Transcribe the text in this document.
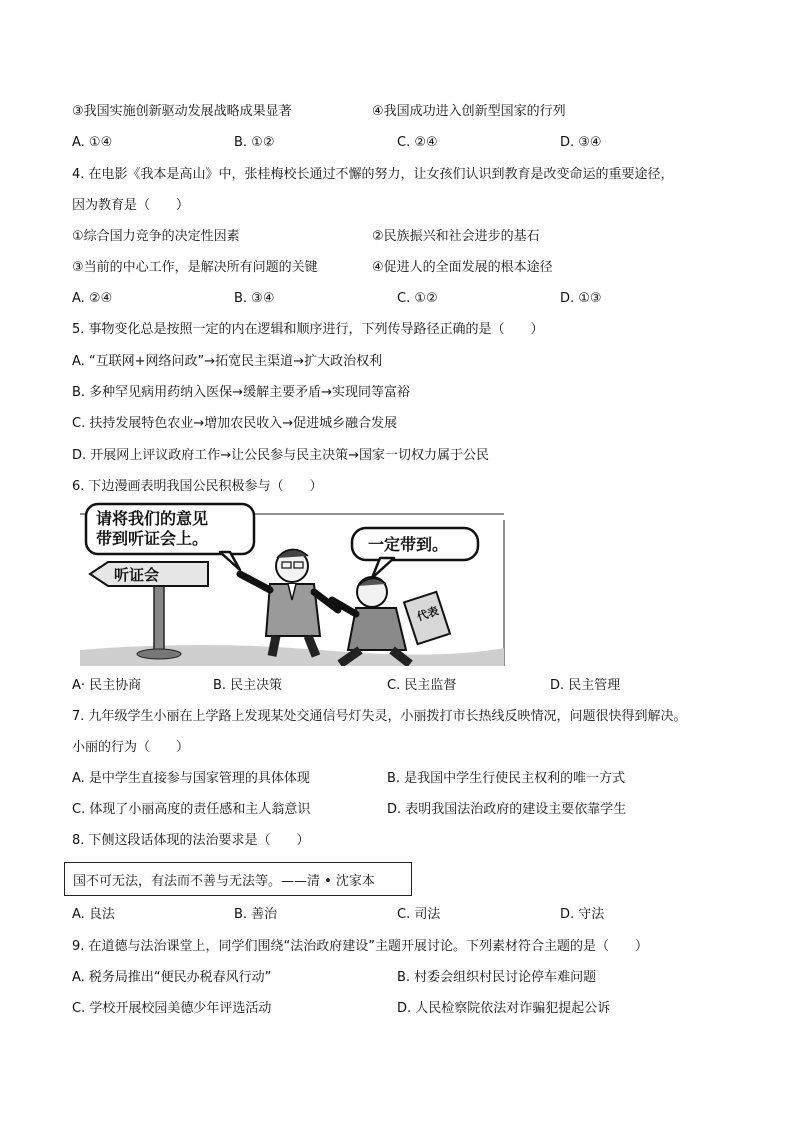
③我国实施创新驱动发展战略成果显著	④我国成功进入创新型国家的行列
A. ①④	B. ①②	C. ②④	D. ③④
4. 在电影《我本是高山》中，张桂梅校长通过不懈的努力，让女孩们认识到教育是改变命运的重要途径，
因为教育是（　　）
①综合国力竞争的决定性因素	②民族振兴和社会进步的基石
③当前的中心工作，是解决所有问题的关键	④促进人的全面发展的根本途径
A. ②④	B. ③④	C. ①②	D. ①③
5. 事物变化总是按照一定的内在逻辑和顺序进行，下列传导路径正确的是（　　）
A. “互联网+网络问政”→拓宽民主渠道→扩大政治权利
B. 多种罕见病用药纳入医保→缓解主要矛盾→实现同等富裕
C. 扶持发展特色农业→增加农民收入→促进城乡融合发展
D. 开展网上评议政府工作→让公民参与民主决策→国家一切权力属于公民
6. 下边漫画表明我国公民积极参与（　　）
请将我们的意见
带到听证会上。	一定带到。
听证会
代表
A· 民主协商	B. 民主决策	C. 民主监督	D. 民主管理
7. 九年级学生小丽在上学路上发现某处交通信号灯失灵，小丽拨打市长热线反映情况，问题很快得到解决。
小丽的行为（　　）
A. 是中学生直接参与国家管理的具体体现	B. 是我国中学生行使民主权利的唯一方式
C. 体现了小丽高度的责任感和主人翁意识	D. 表明我国法治政府的建设主要依靠学生
8. 下侧这段话体现的法治要求是（　　）
国不可无法，有法而不善与无法等。——清 • 沈家本
A. 良法	B. 善治	C. 司法	D. 守法
9. 在道德与法治课堂上，同学们围绕“法治政府建设”主题开展讨论。下列素材符合主题的是（　　）
A. 税务局推出“便民办税春风行动”	B. 村委会组织村民讨论停车难问题
C. 学校开展校园美德少年评选活动	D. 人民检察院依法对诈骗犯提起公诉
